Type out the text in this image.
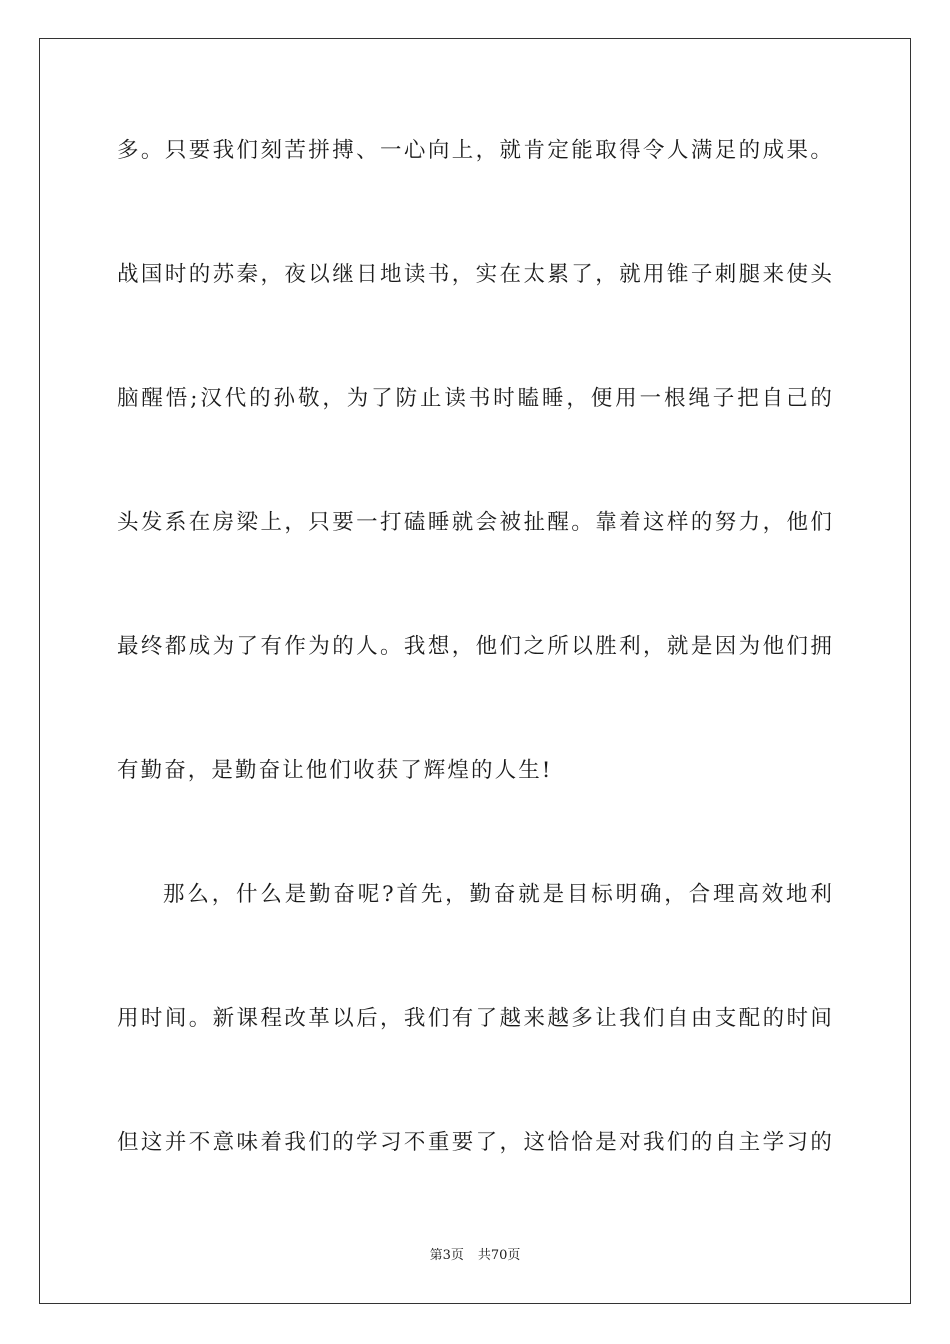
多。只要我们刻苦拼搏、一心向上，就肯定能取得令人满足的成果。
战国时的苏秦，夜以继日地读书，实在太累了，就用锥子刺腿来使头
脑醒悟;汉代的孙敬，为了防止读书时瞌睡，便用一根绳子把自己的
头发系在房梁上，只要一打磕睡就会被扯醒。靠着这样的努力，他们
最终都成为了有作为的人。我想，他们之所以胜利，就是因为他们拥
有勤奋，是勤奋让他们收获了辉煌的人生!
那么，什么是勤奋呢?首先，勤奋就是目标明确，合理高效地利
用时间。新课程改革以后，我们有了越来越多让我们自由支配的时间
但这并不意味着我们的学习不重要了，这恰恰是对我们的自主学习的
第3页 共70页
